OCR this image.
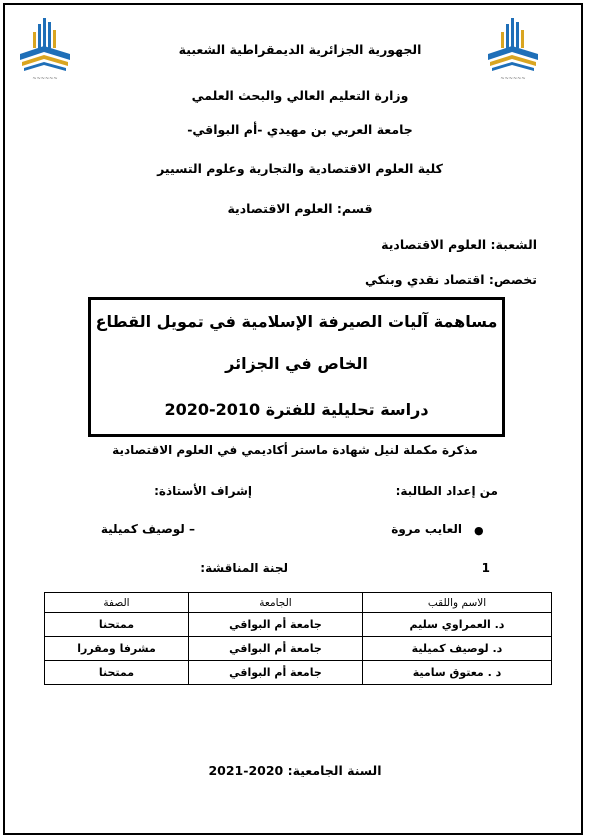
~~~~~~	~~~~~~
الجهورية الجزائرية الديمقراطية الشعبية
وزارة التعليم العالي والبحث العلمي
جامعة العربي بن مهيدي -أم البواقي-
كلية العلوم الاقتصادية والتجارية وعلوم التسيير
قسم: العلوم الاقتصادية
الشعبة: العلوم الاقتصادية
تخصص: اقتصاد نقدي وبنكي
مساهمة آليات الصيرفة الإسلامية في تمويل القطاع
الخاص في الجزائر
دراسة تحليلية للفترة 2010-2020
مذكرة مكملة لنيل شهادة ماستر أكاديمي في العلوم الاقتصادية
من إعداد الطالبة:
إشراف الأستاذة:
●
العايب مروة
– لوصيف كميلية
1
لجنة المناقشة:
الاسم واللقب	الجامعة	الصفة
د. العمراوي سليم	جامعة أم البواقي	ممتحنا
د. لوصيف كميلية	جامعة أم البواقي	مشرفا ومقررا
د . معتوق سامية	جامعة أم البواقي	ممتحنا
السنة الجامعية: 2020-2021
